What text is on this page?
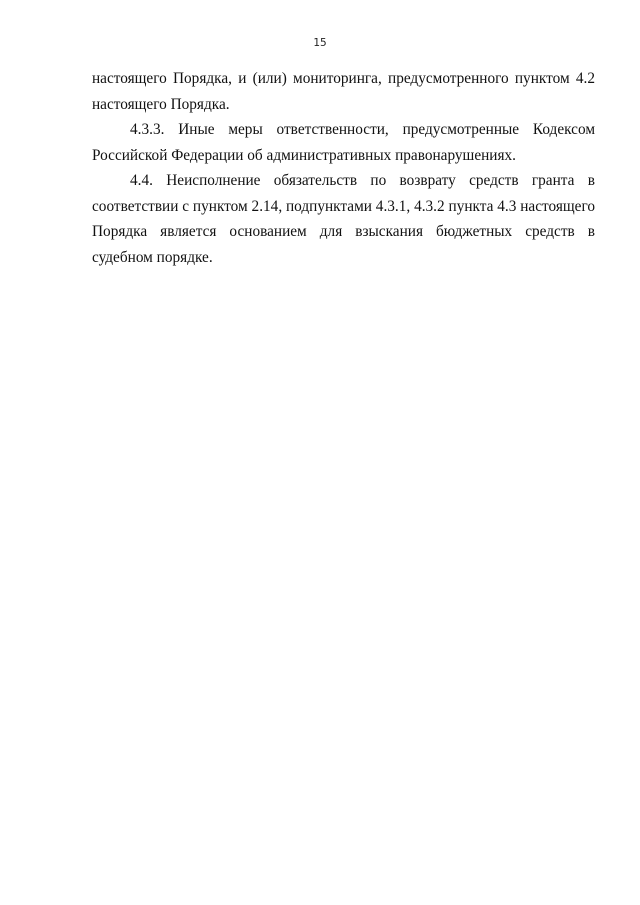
15

настоящего Порядка, и (или) мониторинга, предусмотренного пунктом 4.2 настоящего Порядка.

4.3.3. Иные меры ответственности, предусмотренные Кодексом Российской Федерации об административных правонарушениях.

4.4. Неисполнение обязательств по возврату средств гранта в соответствии с пунктом 2.14, подпунктами 4.3.1, 4.3.2 пункта 4.3 настоящего Порядка является основанием для взыскания бюджетных средств в судебном порядке.
